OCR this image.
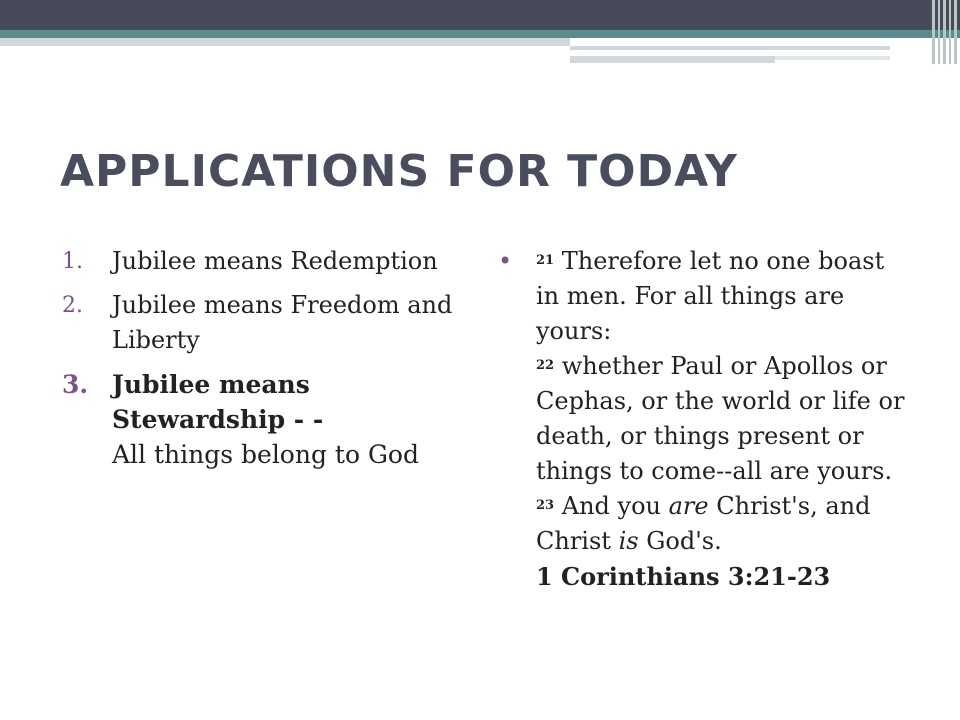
APPLICATIONS FOR TODAY
1. Jubilee means Redemption
2. Jubilee means Freedom and Liberty
3. Jubilee means Stewardship - -
All things belong to God
•	$^{21}$ Therefore let no one boast in men. For all things are yours:
$^{22}$ whether Paul or Apollos or Cephas, or the world or life or death, or things present or things to come--all are yours.
$^{23}$ And you are Christ's, and Christ is God's.
1 Corinthians 3:21-23
